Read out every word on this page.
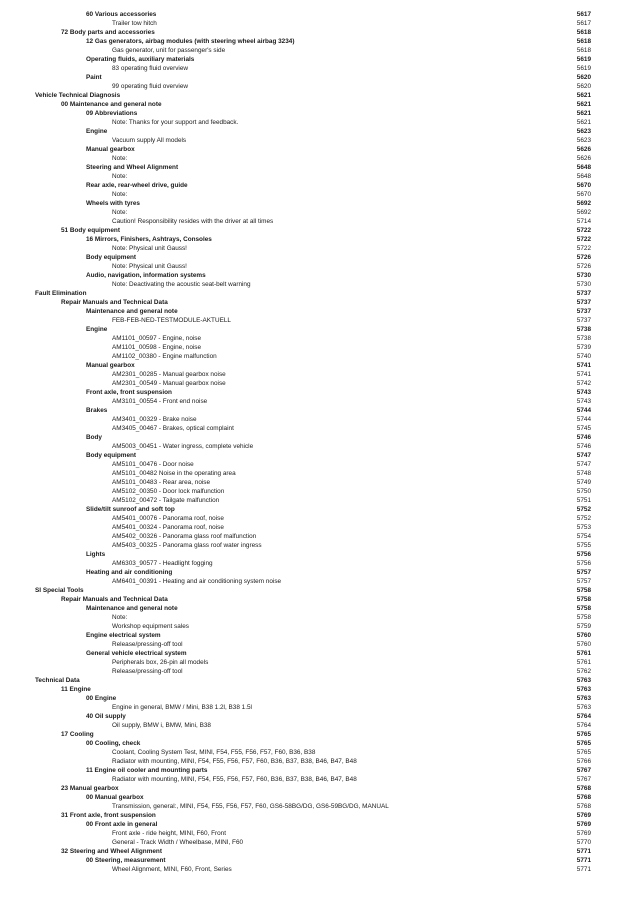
60 Various accessories	5617
Trailer tow hitch	5617
72 Body parts and accessories	5618
12 Gas generators, airbag modules (with steering wheel airbag 3234)	5618
Gas generator, unit for passenger's side	5618
Operating fluids, auxiliary materials	5619
83 operating fluid overview	5619
Paint	5620
99 operating fluid overview	5620
Vehicle Technical Diagnosis	5621
00 Maintenance and general note	5621
09 Abbreviations	5621
Note: Thanks for your support and feedback.	5621
Engine	5623
Vacuum supply All models	5623
Manual gearbox	5626
Note:	5626
Steering and Wheel Alignment	5648
Note:	5648
Rear axle, rear-wheel drive, guide	5670
Note:	5670
Wheels with tyres	5692
Note:	5692
Caution! Responsibility resides with the driver at all times	5714
51 Body equipment	5722
16 Mirrors, Finishers, Ashtrays, Consoles	5722
Note: Physical unit Gauss!	5722
Body equipment	5726
Note: Physical unit Gauss!	5726
Audio, navigation, information systems	5730
Note: Deactivating the acoustic seat-belt warning	5730
Fault Elimination	5737
Repair Manuals and Technical Data	5737
Maintenance and general note	5737
FEB-FEB-NED-TESTMODULE-AKTUELL	5737
Engine	5738
AM1101_00597 - Engine, noise	5738
AM1101_00598 - Engine, noise	5739
AM1102_00380 - Engine malfunction	5740
Manual gearbox	5741
AM2301_00285 - Manual gearbox noise	5741
AM2301_00549 - Manual gearbox noise	5742
Front axle, front suspension	5743
AM3101_00554 - Front end noise	5743
Brakes	5744
AM3401_00329 - Brake noise	5744
AM3405_00467 - Brakes, optical complaint	5745
Body	5746
AM5003_00451 - Water ingress, complete vehicle	5746
Body equipment	5747
AM5101_00476 - Door noise	5747
AM5101_00482 Noise in the operating area	5748
AM5101_00483 - Rear area, noise	5749
AM5102_00350 - Door lock malfunction	5750
AM5102_00472 - Tailgate malfunction	5751
Slide/tilt sunroof and soft top	5752
AM5401_00076 - Panorama roof, noise	5752
AM5401_00324 - Panorama roof, noise	5753
AM5402_00326 - Panorama glass roof malfunction	5754
AM5403_00325 - Panorama glass roof water ingress	5755
Lights	5756
AM6303_90577 - Headlight fogging	5756
Heating and air conditioning	5757
AM6401_00391 - Heating and air conditioning system noise	5757
SI Special Tools	5758
Repair Manuals and Technical Data	5758
Maintenance and general note	5758
Note:	5758
Workshop equipment sales	5759
Engine electrical system	5760
Release/pressing-off tool	5760
General vehicle electrical system	5761
Peripherals box, 26-pin all models	5761
Release/pressing-off tool	5762
Technical Data	5763
11 Engine	5763
00 Engine	5763
Engine in general, BMW / Mini, B38 1.2l, B38 1.5l	5763
40 Oil supply	5764
Oil supply, BMW i, BMW, Mini, B38	5764
17 Cooling	5765
00 Cooling, check	5765
Coolant, Cooling System Test, MINI, F54, F55, F56, F57, F60, B36, B38	5765
Radiator with mounting, MINI, F54, F55, F56, F57, F60, B36, B37, B38, B46, B47, B48	5766
11 Engine oil cooler and mounting parts	5767
Radiator with mounting, MINI, F54, F55, F56, F57, F60, B36, B37, B38, B46, B47, B48	5767
23 Manual gearbox	5768
00 Manual gearbox	5768
Transmission, general:, MINI, F54, F55, F56, F57, F60, GS6-58BG/DG, GS6-59BG/DG, MANUAL	5768
31 Front axle, front suspension	5769
00 Front axle in general	5769
Front axle - ride height, MINI, F60, Front	5769
General - Track Width / Wheelbase, MINI, F60	5770
32 Steering and Wheel Alignment	5771
00 Steering, measurement	5771
Wheel Alignment, MINI, F60, Front, Series	5771
